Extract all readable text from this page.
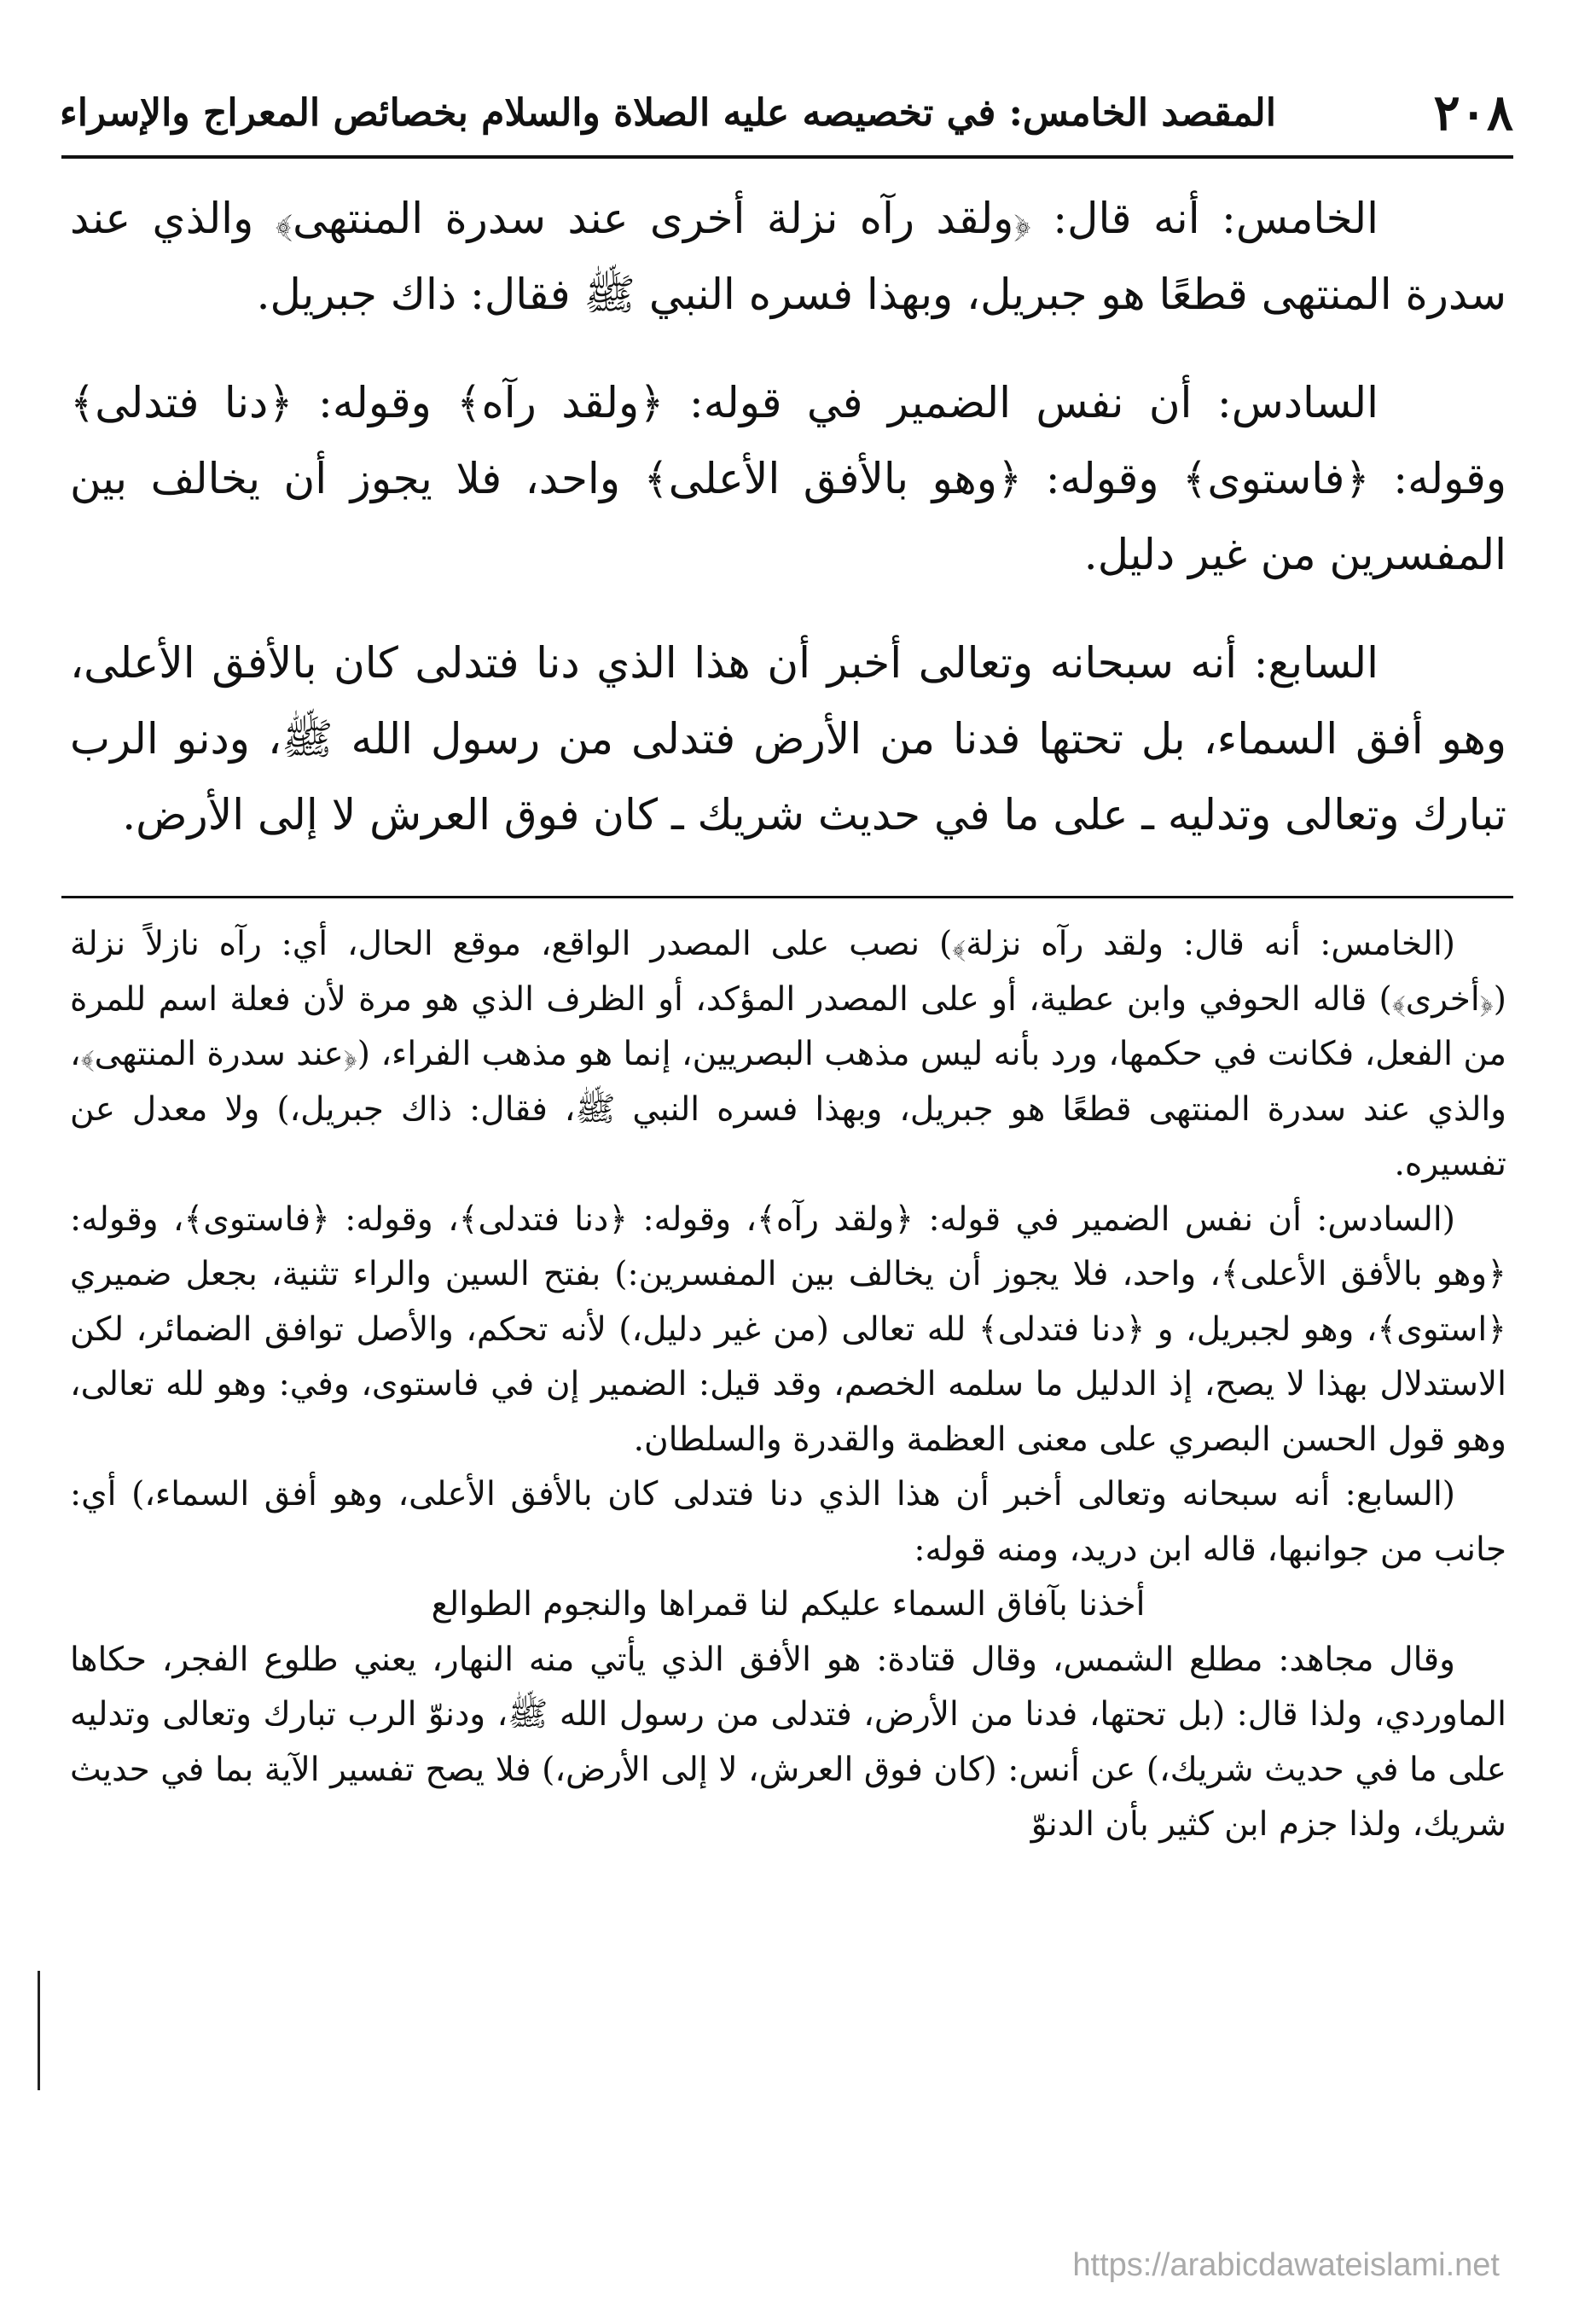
٢٠٨
المقصد الخامس: في تخصيصه عليه الصلاة والسلام بخصائص المعراج والإسراء

الخامس: أنه قال: ﴿ولقد رآه نزلة أخرى عند سدرة المنتهى﴾ والذي عند سدرة المنتهى قطعًا هو جبريل، وبهذا فسره النبي ﷺ فقال: ذاك جبريل.

السادس: أن نفس الضمير في قوله: ﴿ولقد رآه﴾ وقوله: ﴿دنا فتدلى﴾ وقوله: ﴿فاستوى﴾ وقوله: ﴿وهو بالأفق الأعلى﴾ واحد، فلا يجوز أن يخالف بين المفسرين من غير دليل.

السابع: أنه سبحانه وتعالى أخبر أن هذا الذي دنا فتدلى كان بالأفق الأعلى، وهو أفق السماء، بل تحتها فدنا من الأرض فتدلى من رسول الله ﷺ، ودنو الرب تبارك وتعالى وتدليه ـ على ما في حديث شريك ـ كان فوق العرش لا إلى الأرض.

(الخامس: أنه قال: ولقد رآه نزلة﴾) نصب على المصدر الواقع، موقع الحال، أي: رآه نازلاً نزلة (﴿أخرى﴾) قاله الحوفي وابن عطية، أو على المصدر المؤكد، أو الظرف الذي هو مرة لأن فعلة اسم للمرة من الفعل، فكانت في حكمها، ورد بأنه ليس مذهب البصريين، إنما هو مذهب الفراء، (﴿عند سدرة المنتهى﴾، والذي عند سدرة المنتهى قطعًا هو جبريل، وبهذا فسره النبي ﷺ، فقال: ذاك جبريل،) ولا معدل عن تفسيره.

(السادس: أن نفس الضمير في قوله: ﴿ولقد رآه﴾، وقوله: ﴿دنا فتدلى﴾، وقوله: ﴿فاستوى﴾، وقوله: ﴿وهو بالأفق الأعلى﴾، واحد، فلا يجوز أن يخالف بين المفسرين:) بفتح السين والراء تثنية، بجعل ضميري ﴿استوى﴾، وهو لجبريل، و ﴿دنا فتدلى﴾ لله تعالى (من غير دليل،) لأنه تحكم، والأصل توافق الضمائر، لكن الاستدلال بهذا لا يصح، إذ الدليل ما سلمه الخصم، وقد قيل: الضمير إن في فاستوى، وفي: وهو لله تعالى، وهو قول الحسن البصري على معنى العظمة والقدرة والسلطان.

(السابع: أنه سبحانه وتعالى أخبر أن هذا الذي دنا فتدلى كان بالأفق الأعلى، وهو أفق السماء،) أي: جانب من جوانبها، قاله ابن دريد، ومنه قوله:

أخذنا بآفاق السماء عليكم لنا قمراها والنجوم الطوالع

وقال مجاهد: مطلع الشمس، وقال قتادة: هو الأفق الذي يأتي منه النهار، يعني طلوع الفجر، حكاها الماوردي، ولذا قال: (بل تحتها، فدنا من الأرض، فتدلى من رسول الله ﷺ، ودنوّ الرب تبارك وتعالى وتدليه على ما في حديث شريك،) عن أنس: (كان فوق العرش، لا إلى الأرض،) فلا يصح تفسير الآية بما في حديث شريك، ولذا جزم ابن كثير بأن الدنوّ

https://arabicdawateislami.net
